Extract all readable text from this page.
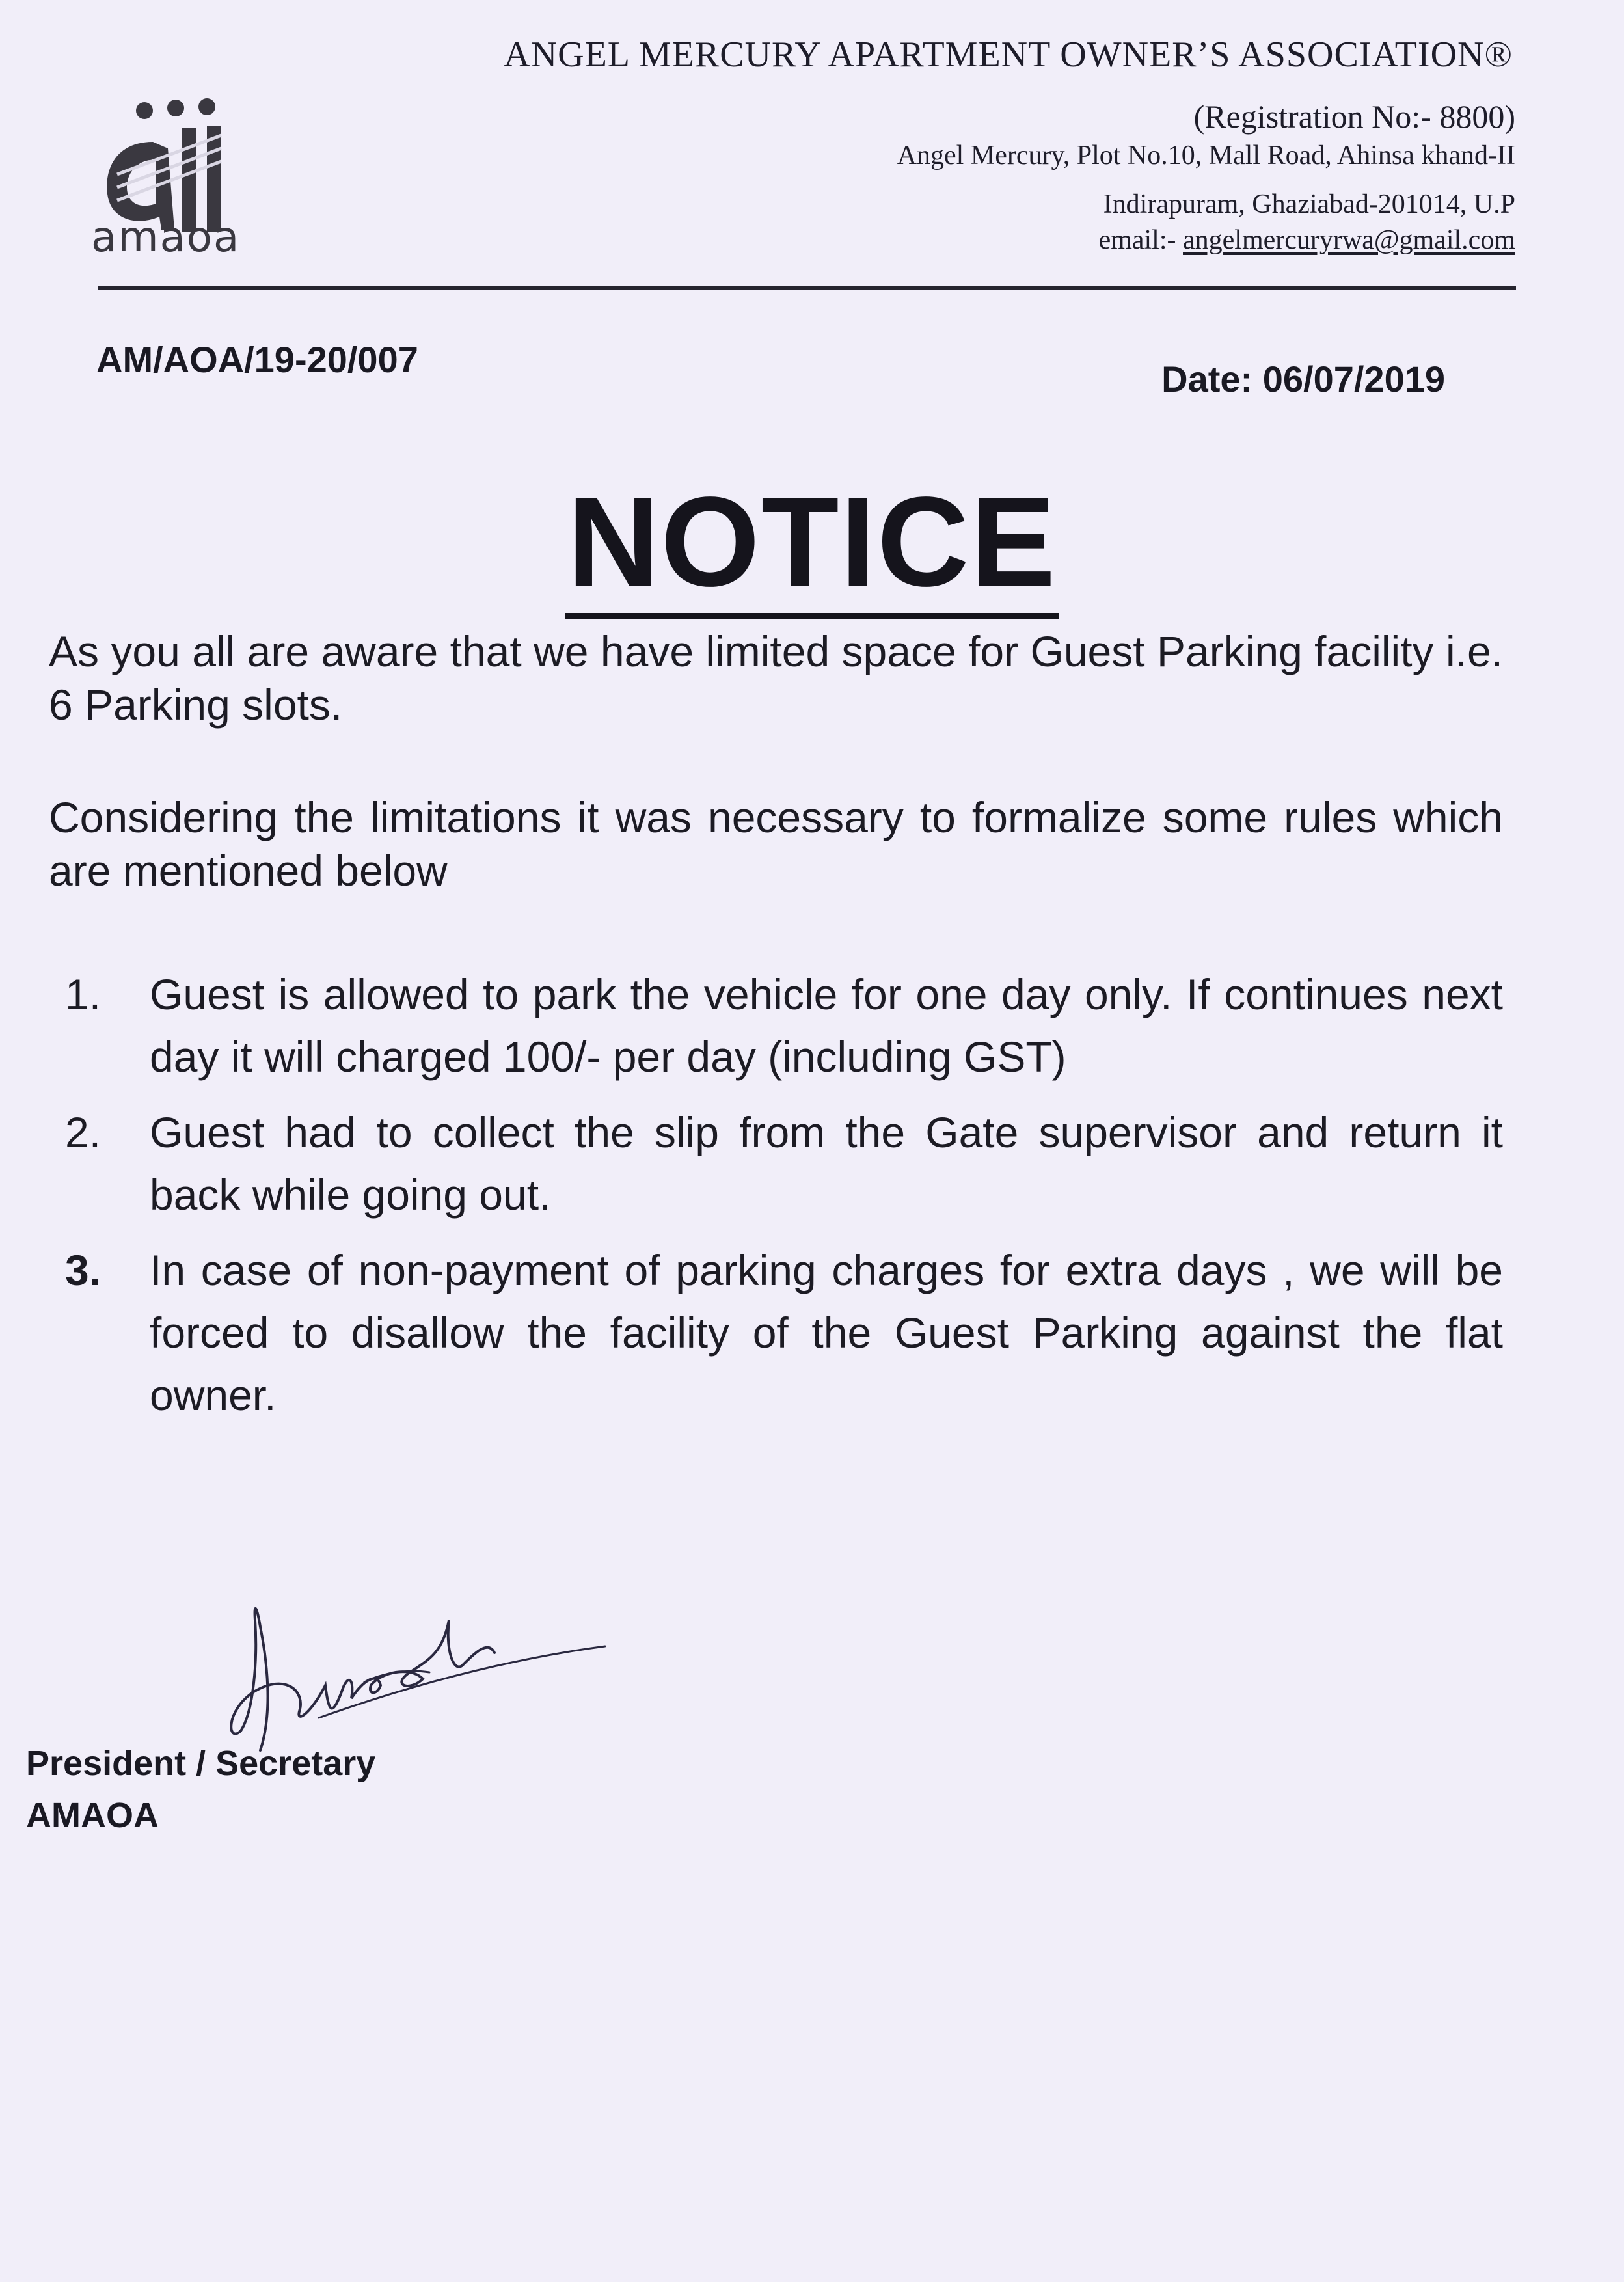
amaoa
ANGEL MERCURY APARTMENT OWNER’S ASSOCIATION®
(Registration No:- 8800)
Angel Mercury, Plot No.10, Mall Road, Ahinsa khand-II
Indirapuram, Ghaziabad-201014, U.P
email:- angelmercuryrwa@gmail.com
AM/AOA/19-20/007	Date: 06/07/2019
NOTICE
As you all are aware that we have limited space for Guest Parking facility i.e. 6 Parking slots.
Considering the limitations it was necessary to formalize some rules which are mentioned below
1. Guest is allowed to park the vehicle for one day only. If continues next day it will charged 100/- per day (including GST)
2. Guest had to collect the slip from the Gate supervisor and return it back while going out.
3. In case of non-payment of parking charges for extra days , we will be forced to disallow the facility of the Guest Parking against the flat owner.
President / Secretary
AMAOA
